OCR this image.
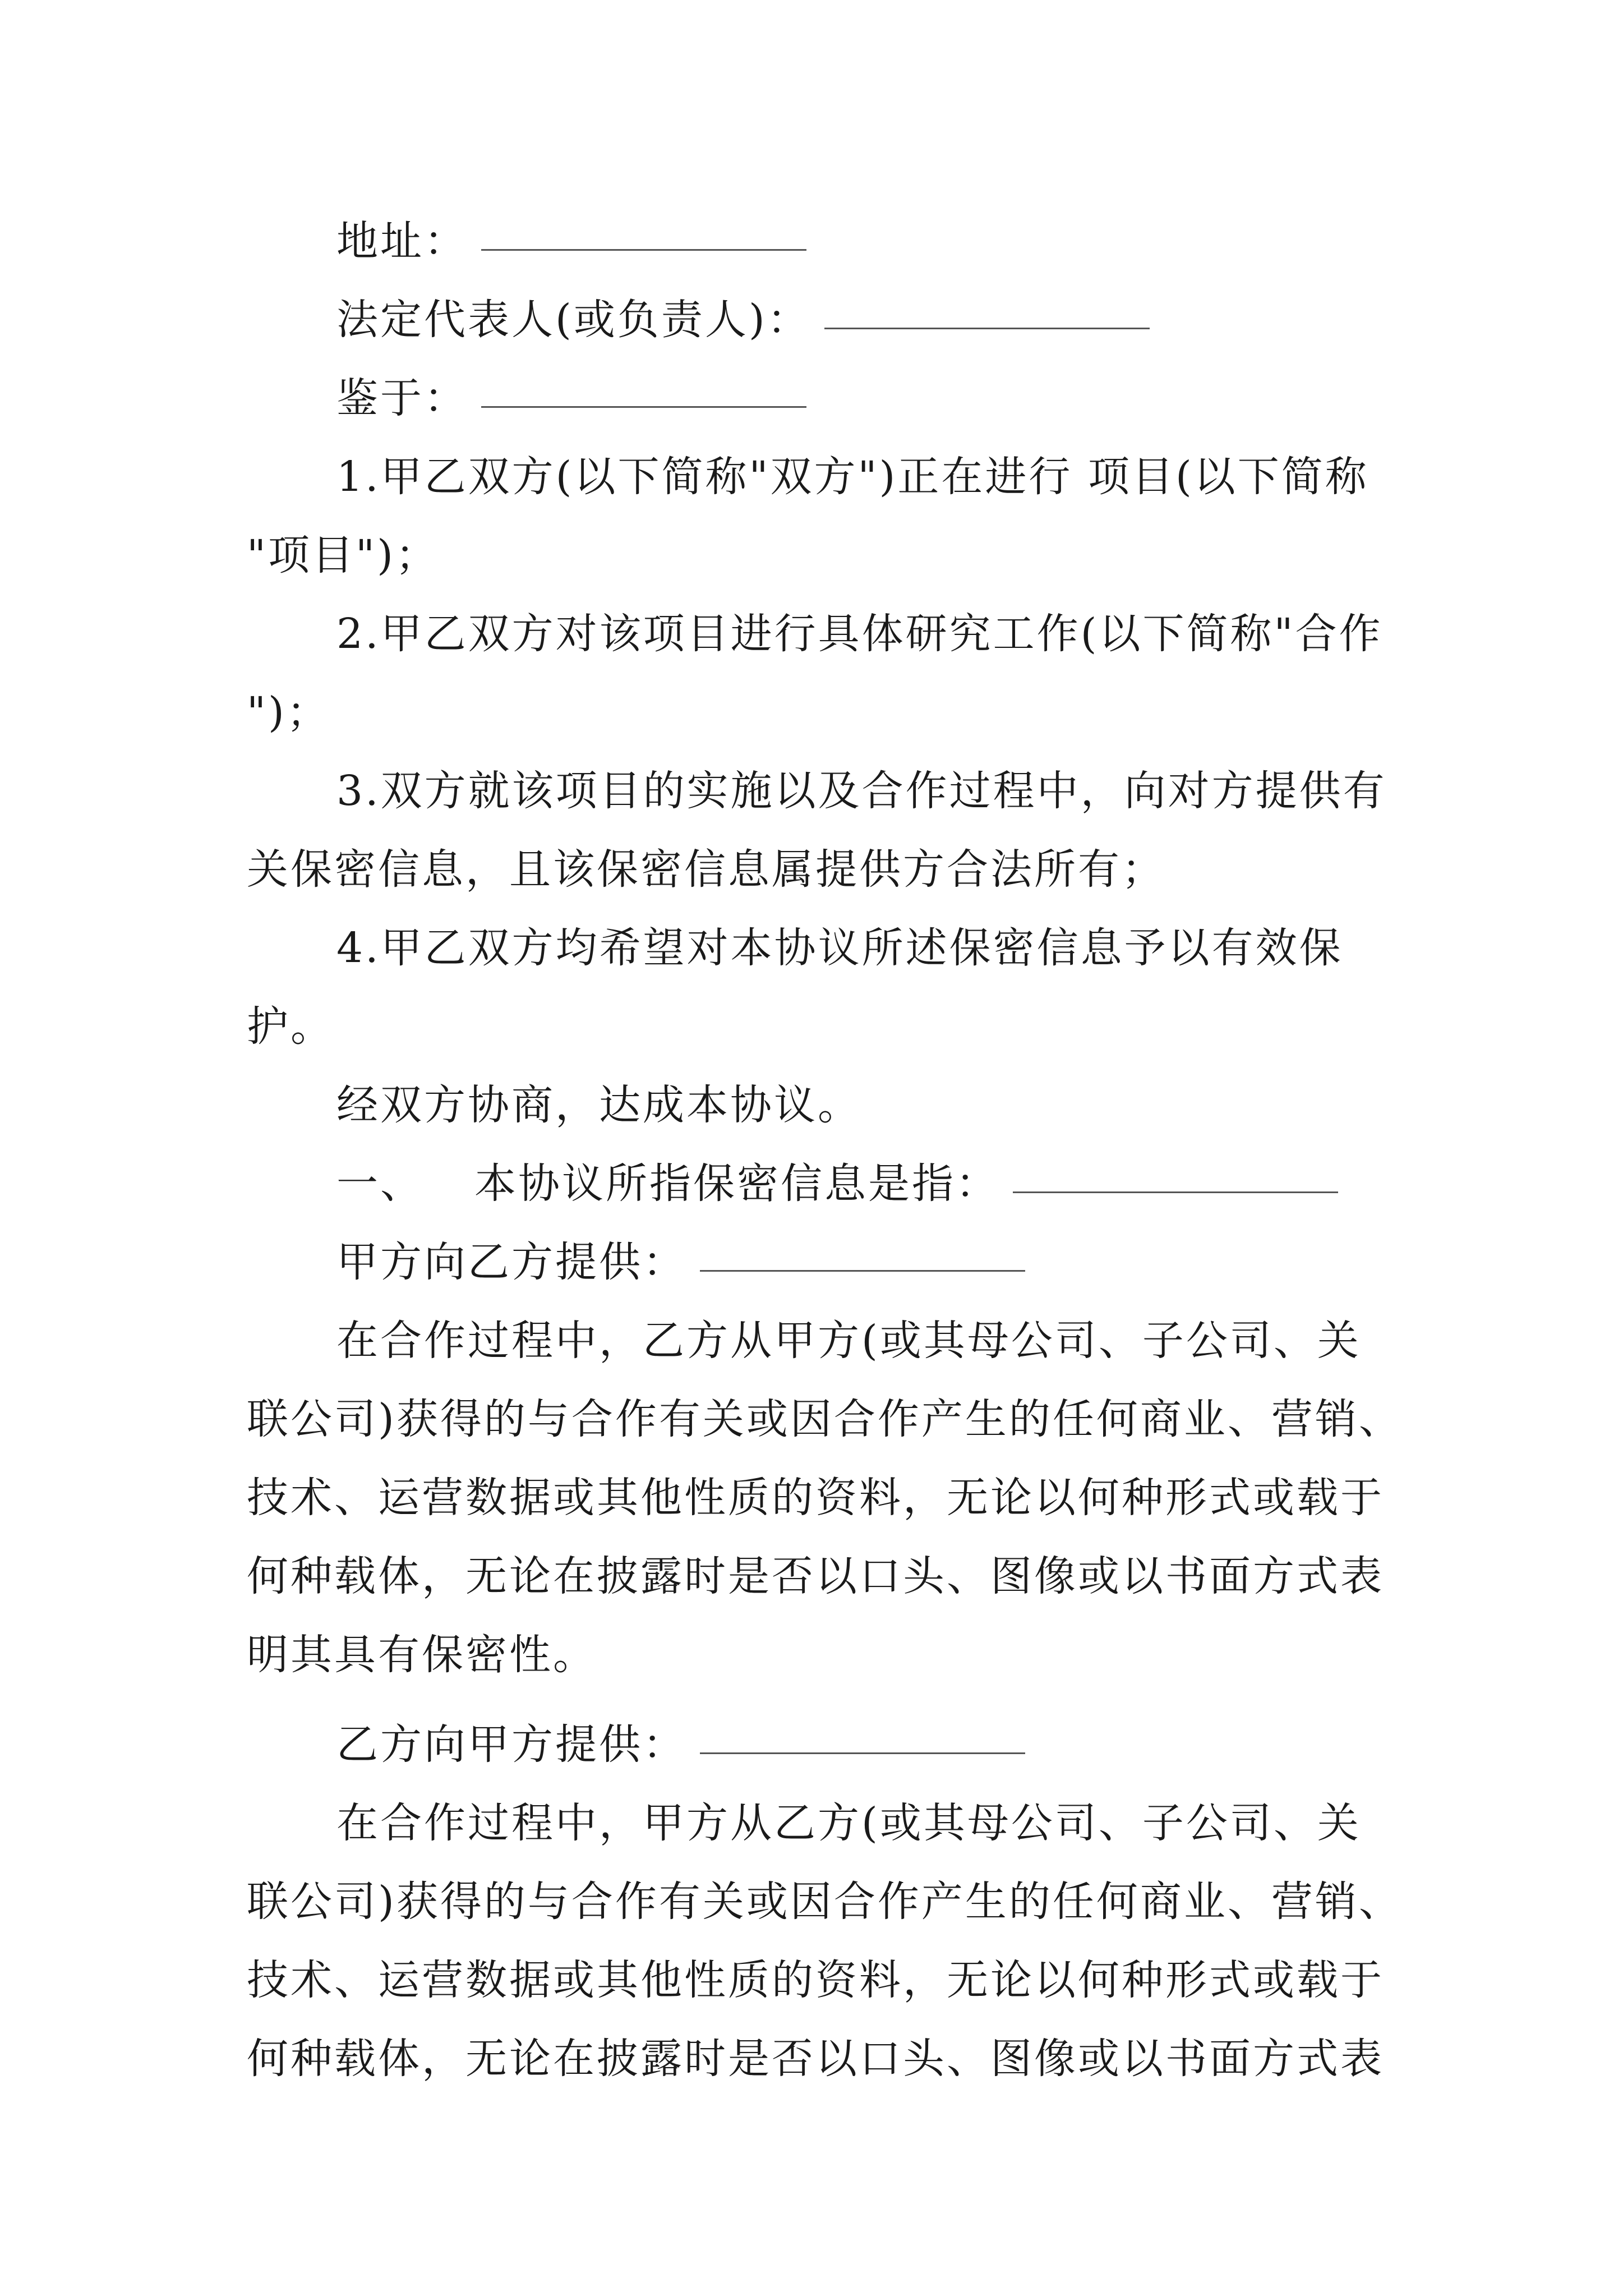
地址：
法定代表人(或负责人)：
鉴于：
1.甲乙双方(以下简称"双方")正在进行 项目(以下简称
"项目")；
2.甲乙双方对该项目进行具体研究工作(以下简称"合作
")；
3.双方就该项目的实施以及合作过程中，向对方提供有
关保密信息，且该保密信息属提供方合法所有；
4.甲乙双方均希望对本协议所述保密信息予以有效保
护。
经双方协商，达成本协议。
一、 本协议所指保密信息是指：
甲方向乙方提供：
在合作过程中，乙方从甲方(或其母公司、子公司、关
联公司)获得的与合作有关或因合作产生的任何商业、营销、
技术、运营数据或其他性质的资料，无论以何种形式或载于
何种载体，无论在披露时是否以口头、图像或以书面方式表
明其具有保密性。
乙方向甲方提供：
在合作过程中，甲方从乙方(或其母公司、子公司、关
联公司)获得的与合作有关或因合作产生的任何商业、营销、
技术、运营数据或其他性质的资料，无论以何种形式或载于
何种载体，无论在披露时是否以口头、图像或以书面方式表
